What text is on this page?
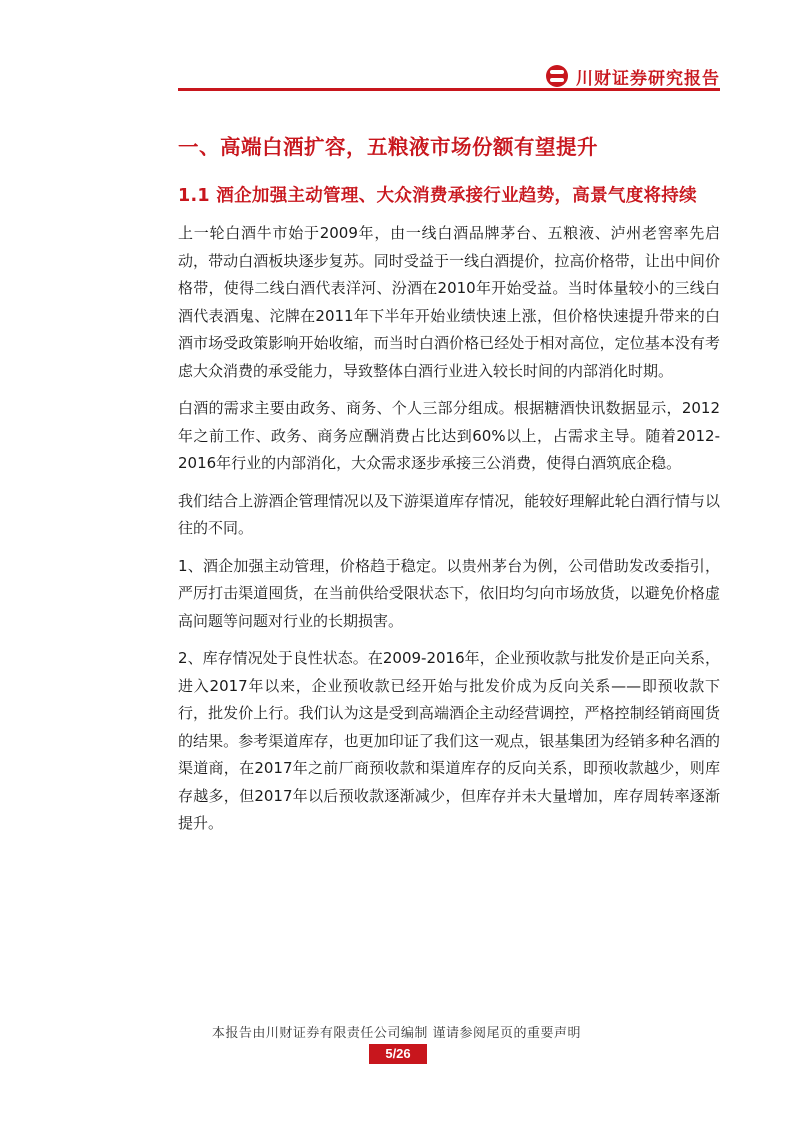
川财证券研究报告
一、高端白酒扩容，五粮液市场份额有望提升
1.1 酒企加强主动管理、大众消费承接行业趋势，高景气度将持续

上一轮白酒牛市始于2009年，由一线白酒品牌茅台、五粮液、泸州老窖率先启动，带动白酒板块逐步复苏。同时受益于一线白酒提价，拉高价格带，让出中间价格带，使得二线白酒代表洋河、汾酒在2010年开始受益。当时体量较小的三线白酒代表酒鬼、沱牌在2011年下半年开始业绩快速上涨，但价格快速提升带来的白酒市场受政策影响开始收缩，而当时白酒价格已经处于相对高位，定位基本没有考虑大众消费的承受能力，导致整体白酒行业进入较长时间的内部消化时期。

白酒的需求主要由政务、商务、个人三部分组成。根据糖酒快讯数据显示，2012年之前工作、政务、商务应酬消费占比达到60%以上，占需求主导。随着2012-2016年行业的内部消化，大众需求逐步承接三公消费，使得白酒筑底企稳。

我们结合上游酒企管理情况以及下游渠道库存情况，能较好理解此轮白酒行情与以往的不同。

1、酒企加强主动管理，价格趋于稳定。以贵州茅台为例，公司借助发改委指引，严厉打击渠道囤货，在当前供给受限状态下，依旧均匀向市场放货，以避免价格虚高问题等问题对行业的长期损害。

2、库存情况处于良性状态。在2009-2016年，企业预收款与批发价是正向关系，进入2017年以来，企业预收款已经开始与批发价成为反向关系——即预收款下行，批发价上行。我们认为这是受到高端酒企主动经营调控，严格控制经销商囤货的结果。参考渠道库存，也更加印证了我们这一观点，银基集团为经销多种名酒的渠道商，在2017年之前厂商预收款和渠道库存的反向关系，即预收款越少，则库存越多，但2017年以后预收款逐渐减少，但库存并未大量增加，库存周转率逐渐提升。

本报告由川财证券有限责任公司编制 谨请参阅尾页的重要声明
5/26
